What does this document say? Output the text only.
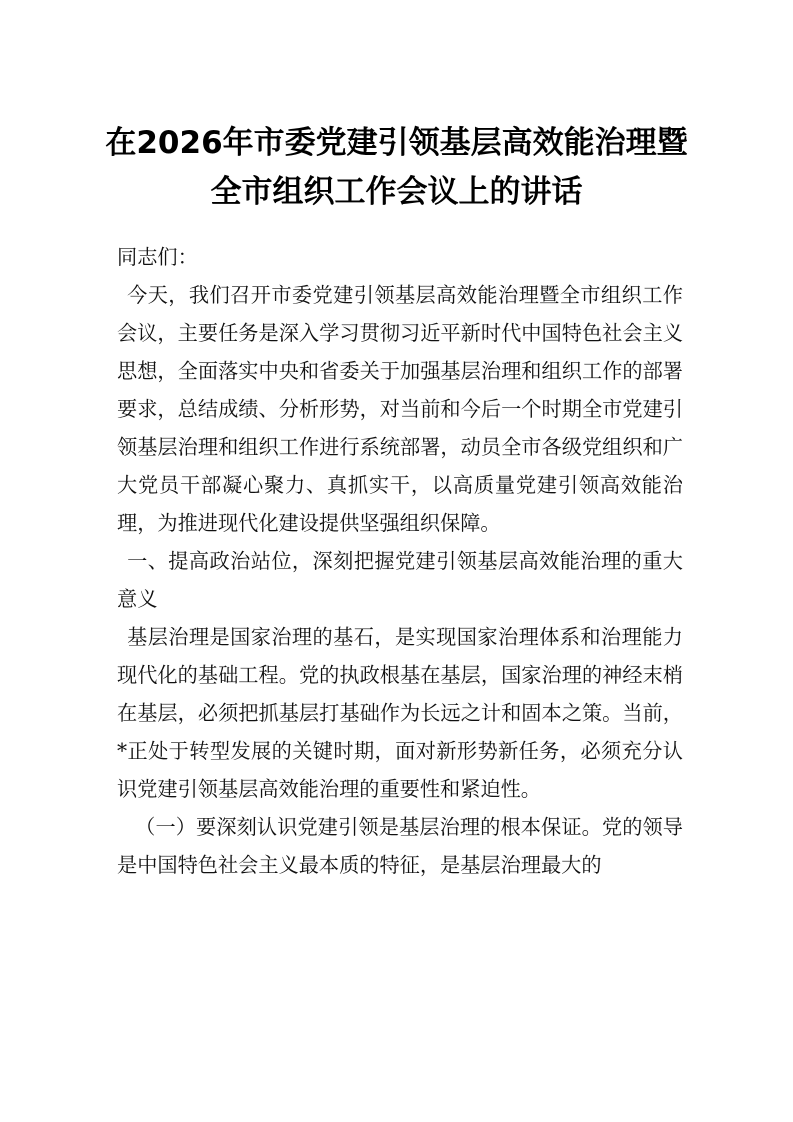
在2026年市委党建引领基层高效能治理暨
全市组织工作会议上的讲话

同志们：

今天，我们召开市委党建引领基层高效能治理暨全市组织工作会议，主要任务是深入学习贯彻习近平新时代中国特色社会主义思想，全面落实中央和省委关于加强基层治理和组织工作的部署要求，总结成绩、分析形势，对当前和今后一个时期全市党建引领基层治理和组织工作进行系统部署，动员全市各级党组织和广大党员干部凝心聚力、真抓实干，以高质量党建引领高效能治理，为推进现代化建设提供坚强组织保障。

一、提高政治站位，深刻把握党建引领基层高效能治理的重大意义

基层治理是国家治理的基石，是实现国家治理体系和治理能力现代化的基础工程。党的执政根基在基层，国家治理的神经末梢在基层，必须把抓基层打基础作为长远之计和固本之策。当前，*正处于转型发展的关键时期，面对新形势新任务，必须充分认识党建引领基层高效能治理的重要性和紧迫性。

（一）要深刻认识党建引领是基层治理的根本保证。党的领导是中国特色社会主义最本质的特征，是基层治理最大的
